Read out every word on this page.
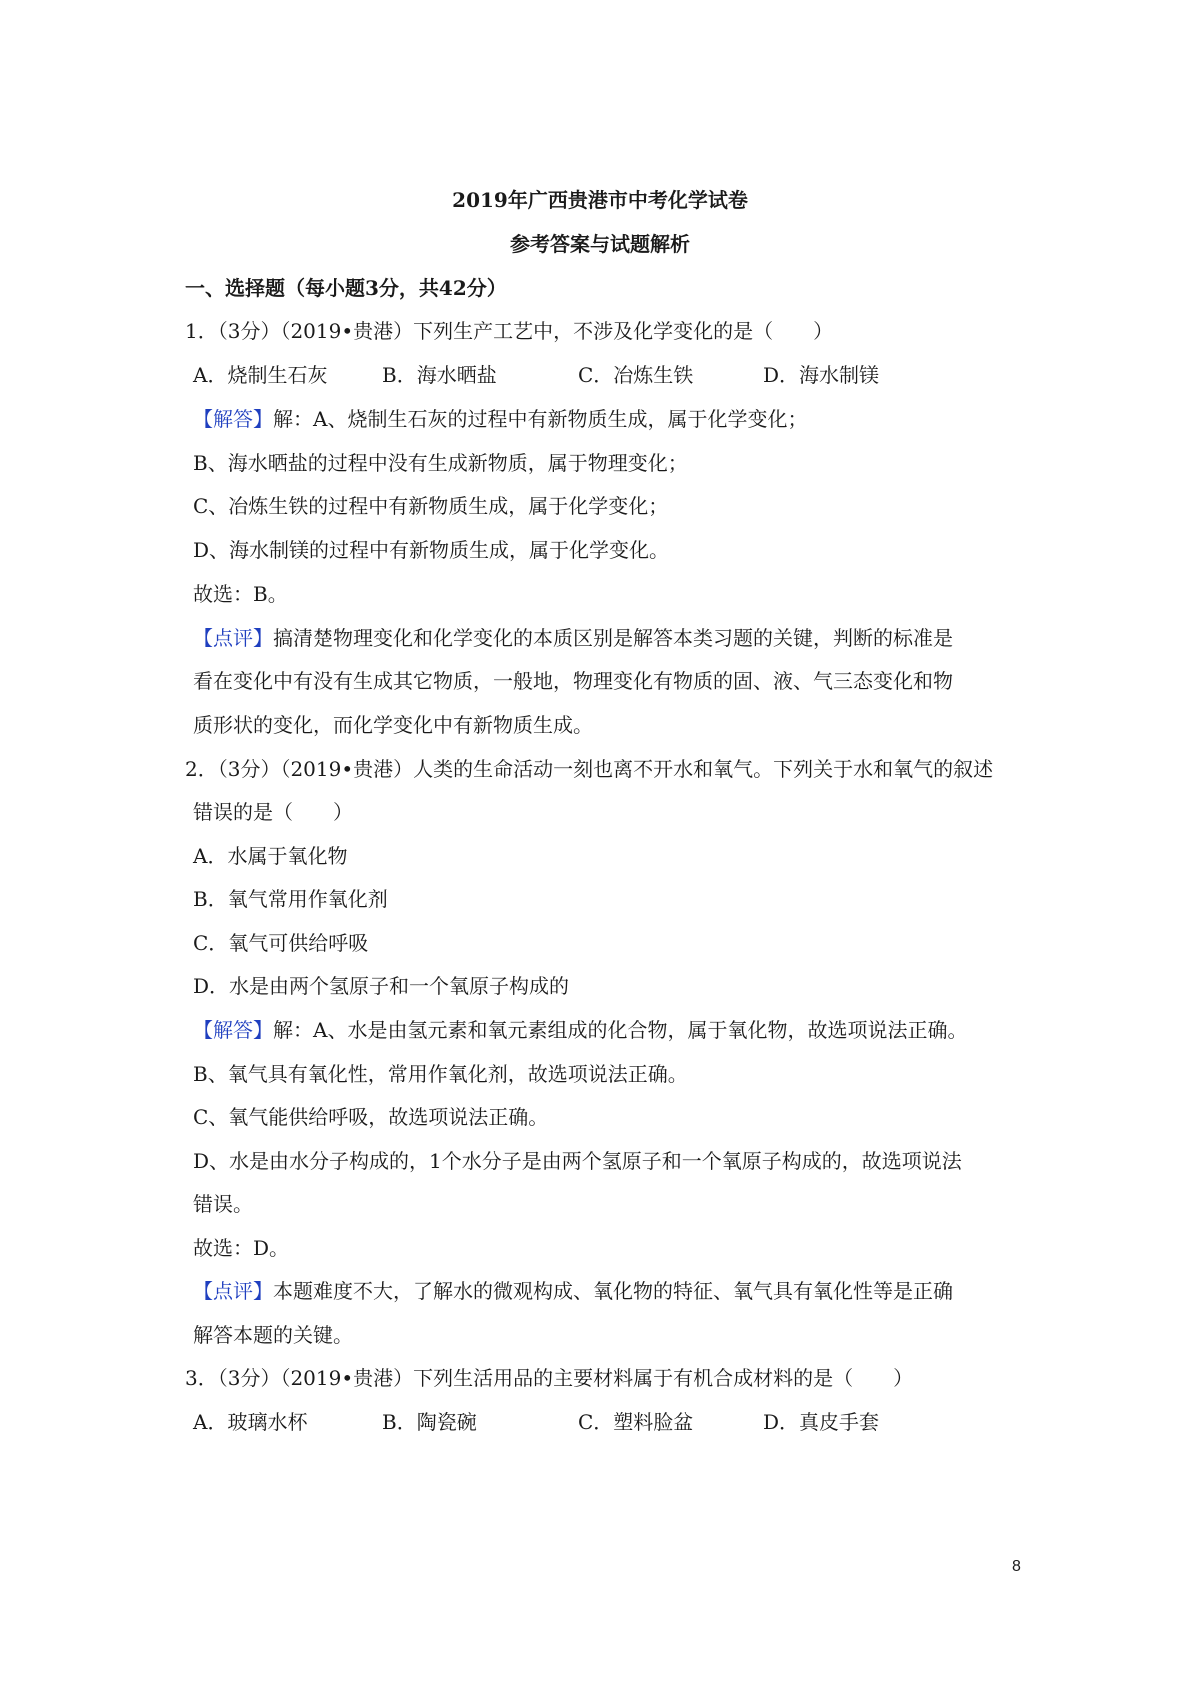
2019年广西贵港市中考化学试卷
参考答案与试题解析
一、选择题（每小题3分，共42分）
1．（3分）（2019•贵港）下列生产工艺中，不涉及化学变化的是（　　）
A．烧制生石灰	B．海水晒盐	C．冶炼生铁	D．海水制镁
【解答】解：A、烧制生石灰的过程中有新物质生成，属于化学变化；
B、海水晒盐的过程中没有生成新物质，属于物理变化；
C、冶炼生铁的过程中有新物质生成，属于化学变化；
D、海水制镁的过程中有新物质生成，属于化学变化。
故选：B。
【点评】搞清楚物理变化和化学变化的本质区别是解答本类习题的关键，判断的标准是
看在变化中有没有生成其它物质，一般地，物理变化有物质的固、液、气三态变化和物
质形状的变化，而化学变化中有新物质生成。
2．（3分）（2019•贵港）人类的生命活动一刻也离不开水和氧气。下列关于水和氧气的叙述
错误的是（　　）
A．水属于氧化物
B．氧气常用作氧化剂
C．氧气可供给呼吸
D．水是由两个氢原子和一个氧原子构成的
【解答】解：A、水是由氢元素和氧元素组成的化合物，属于氧化物，故选项说法正确。
B、氧气具有氧化性，常用作氧化剂，故选项说法正确。
C、氧气能供给呼吸，故选项说法正确。
D、水是由水分子构成的，1个水分子是由两个氢原子和一个氧原子构成的，故选项说法
错误。
故选：D。
【点评】本题难度不大，了解水的微观构成、氧化物的特征、氧气具有氧化性等是正确
解答本题的关键。
3．（3分）（2019•贵港）下列生活用品的主要材料属于有机合成材料的是（　　）
A．玻璃水杯	B．陶瓷碗	C．塑料脸盆	D．真皮手套
8
